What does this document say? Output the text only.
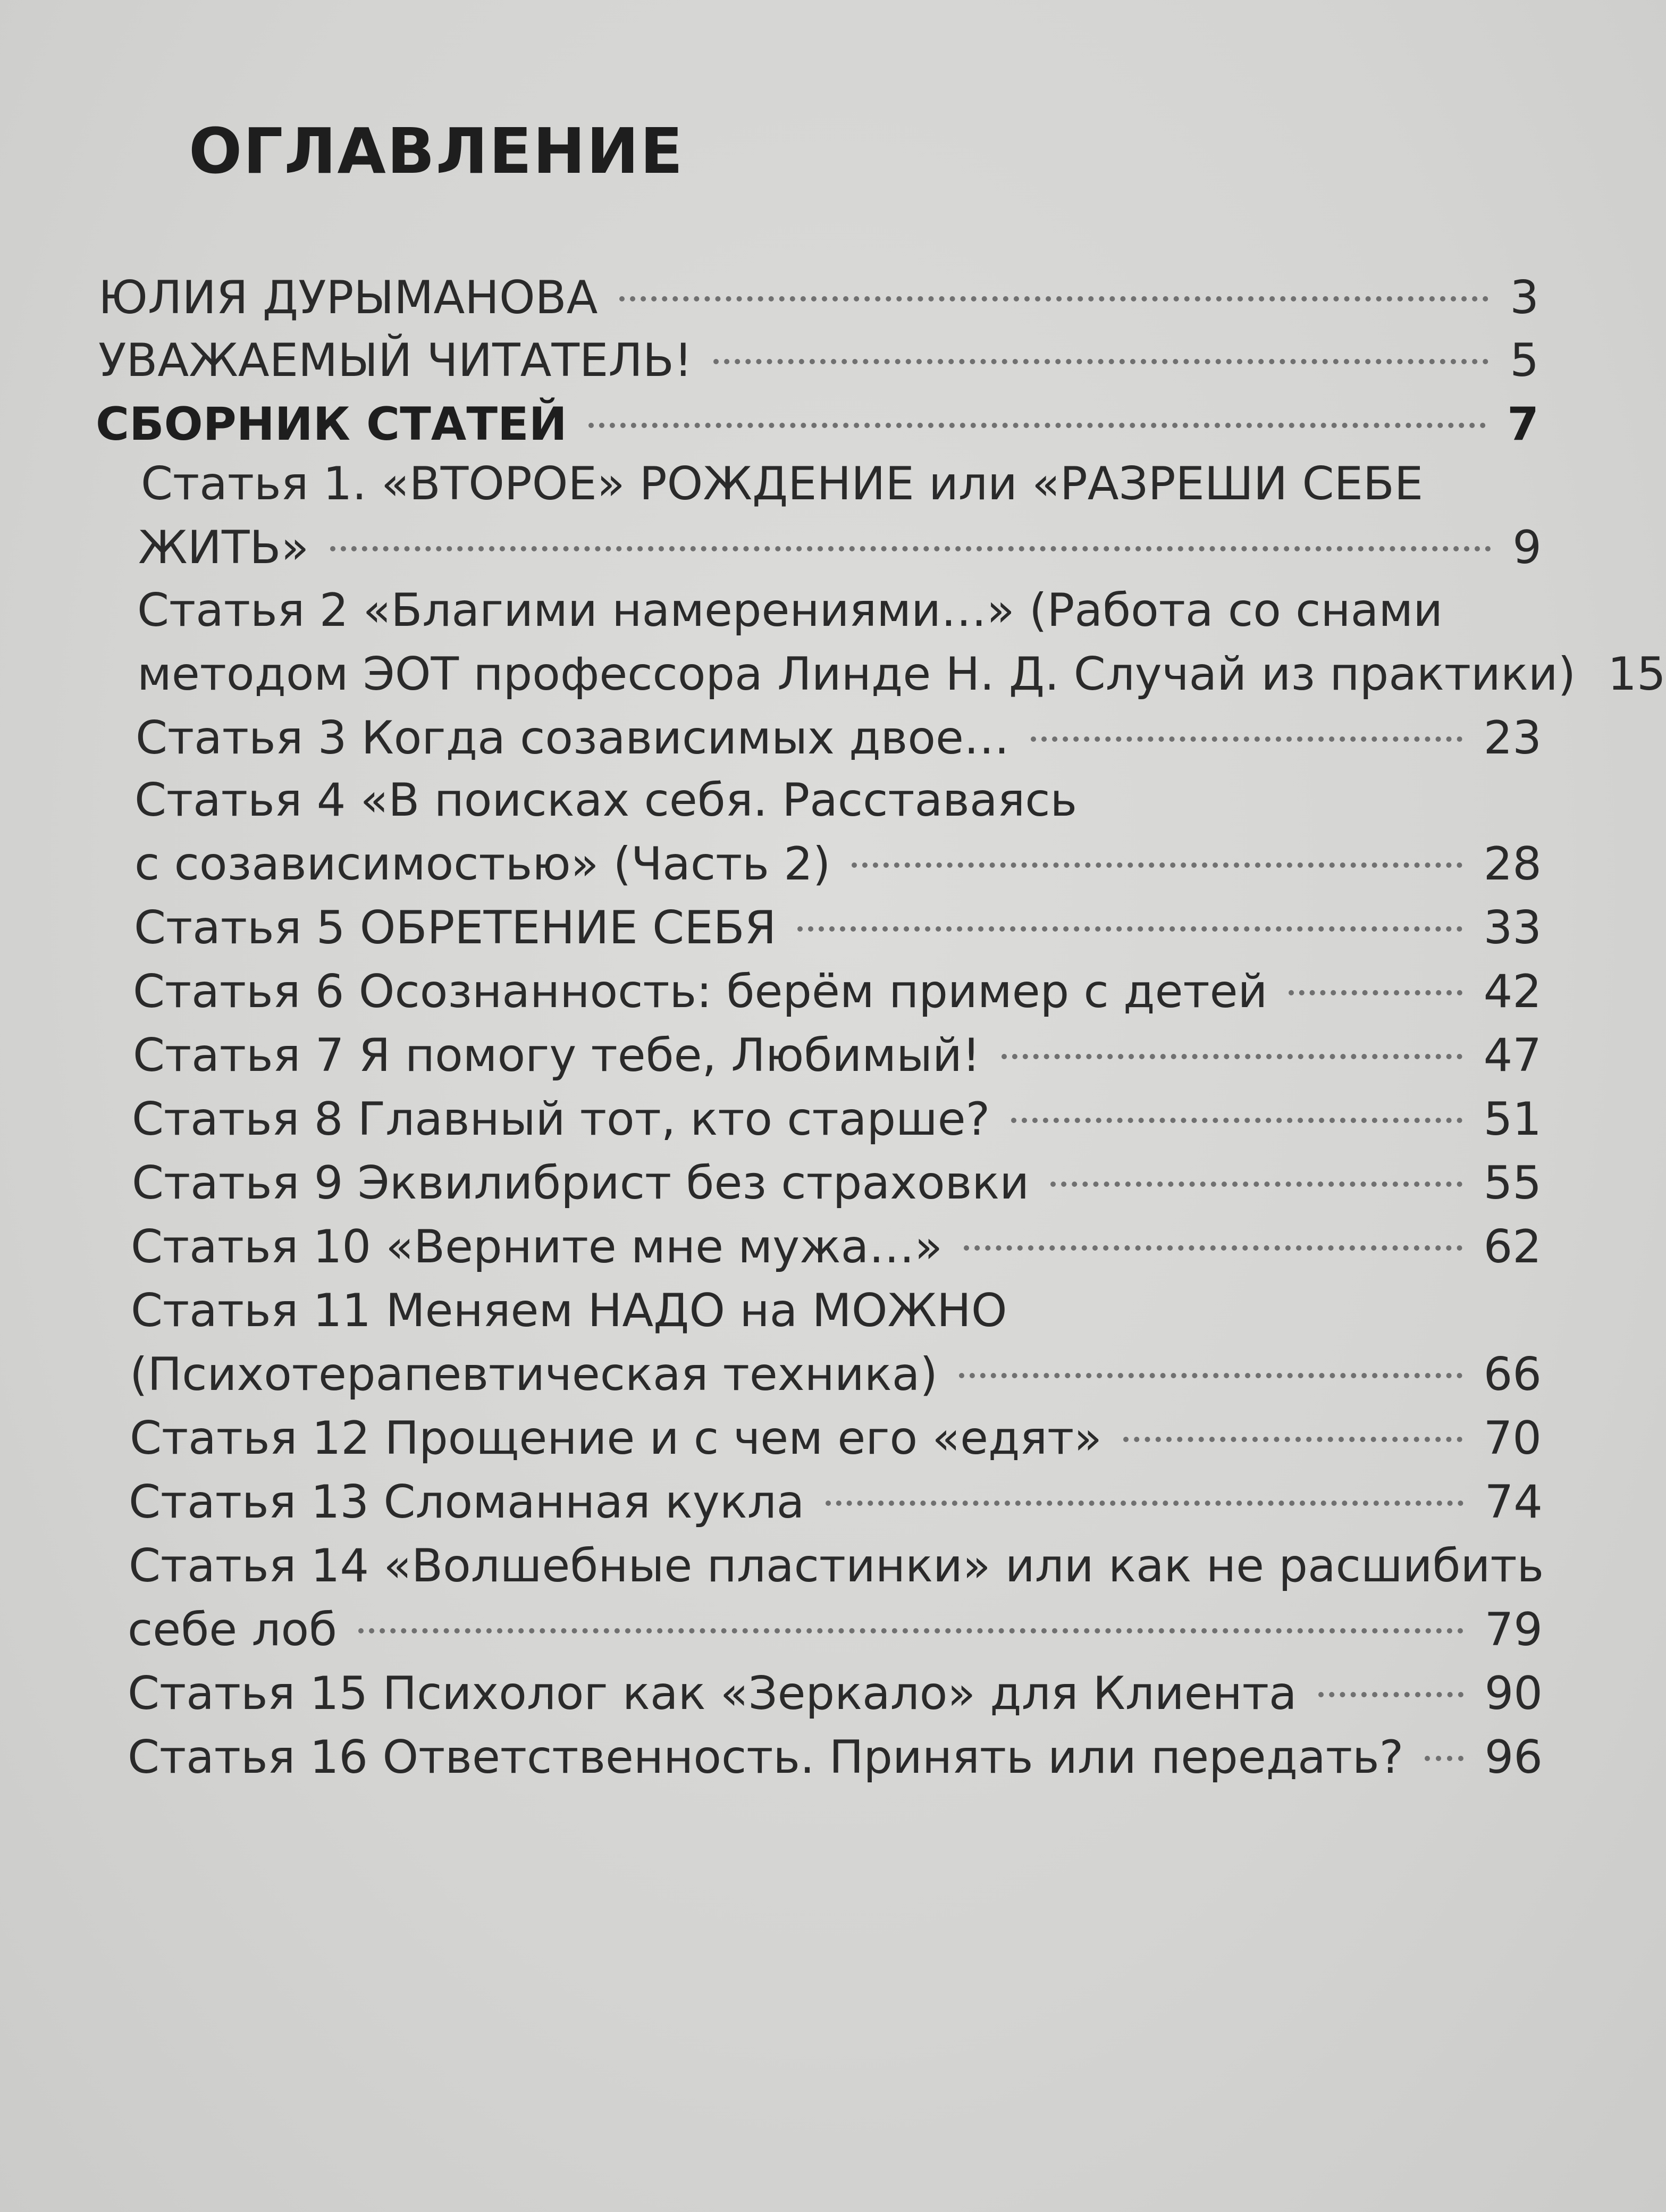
ОГЛАВЛЕНИЕ
ЮЛИЯ ДУРЫМАНОВА	3
УВАЖАЕМЫЙ ЧИТАТЕЛЬ!	5
СБОРНИК СТАТЕЙ	7
Статья 1. «ВТОРОЕ» РОЖДЕНИЕ или «РАЗРЕШИ СЕБЕ
ЖИТЬ»	9
Статья 2 «Благими намерениями…» (Работа со снами
методом ЭОТ профессора Линде Н. Д. Случай из практики) 15
Статья 3 Когда созависимых двое…	23
Статья 4 «В поисках себя. Расставаясь
с созависимостью» (Часть 2)	28
Статья 5 ОБРЕТЕНИЕ СЕБЯ	33
Статья 6 Осознанность: берём пример с детей	42
Статья 7 Я помогу тебе, Любимый!	47
Статья 8 Главный тот, кто старше?	51
Статья 9 Эквилибрист без страховки	55
Статья 10 «Верните мне мужа…»	62
Статья 11 Меняем НАДО на МОЖНО
(Психотерапевтическая техника)	66
Статья 12 Прощение и с чем его «едят»	70
Статья 13 Сломанная кукла	74
Статья 14 «Волшебные пластинки» или как не расшибить
себе лоб	79
Статья 15 Психолог как «Зеркало» для Клиента	90
Статья 16 Ответственность. Принять или передать? 96
